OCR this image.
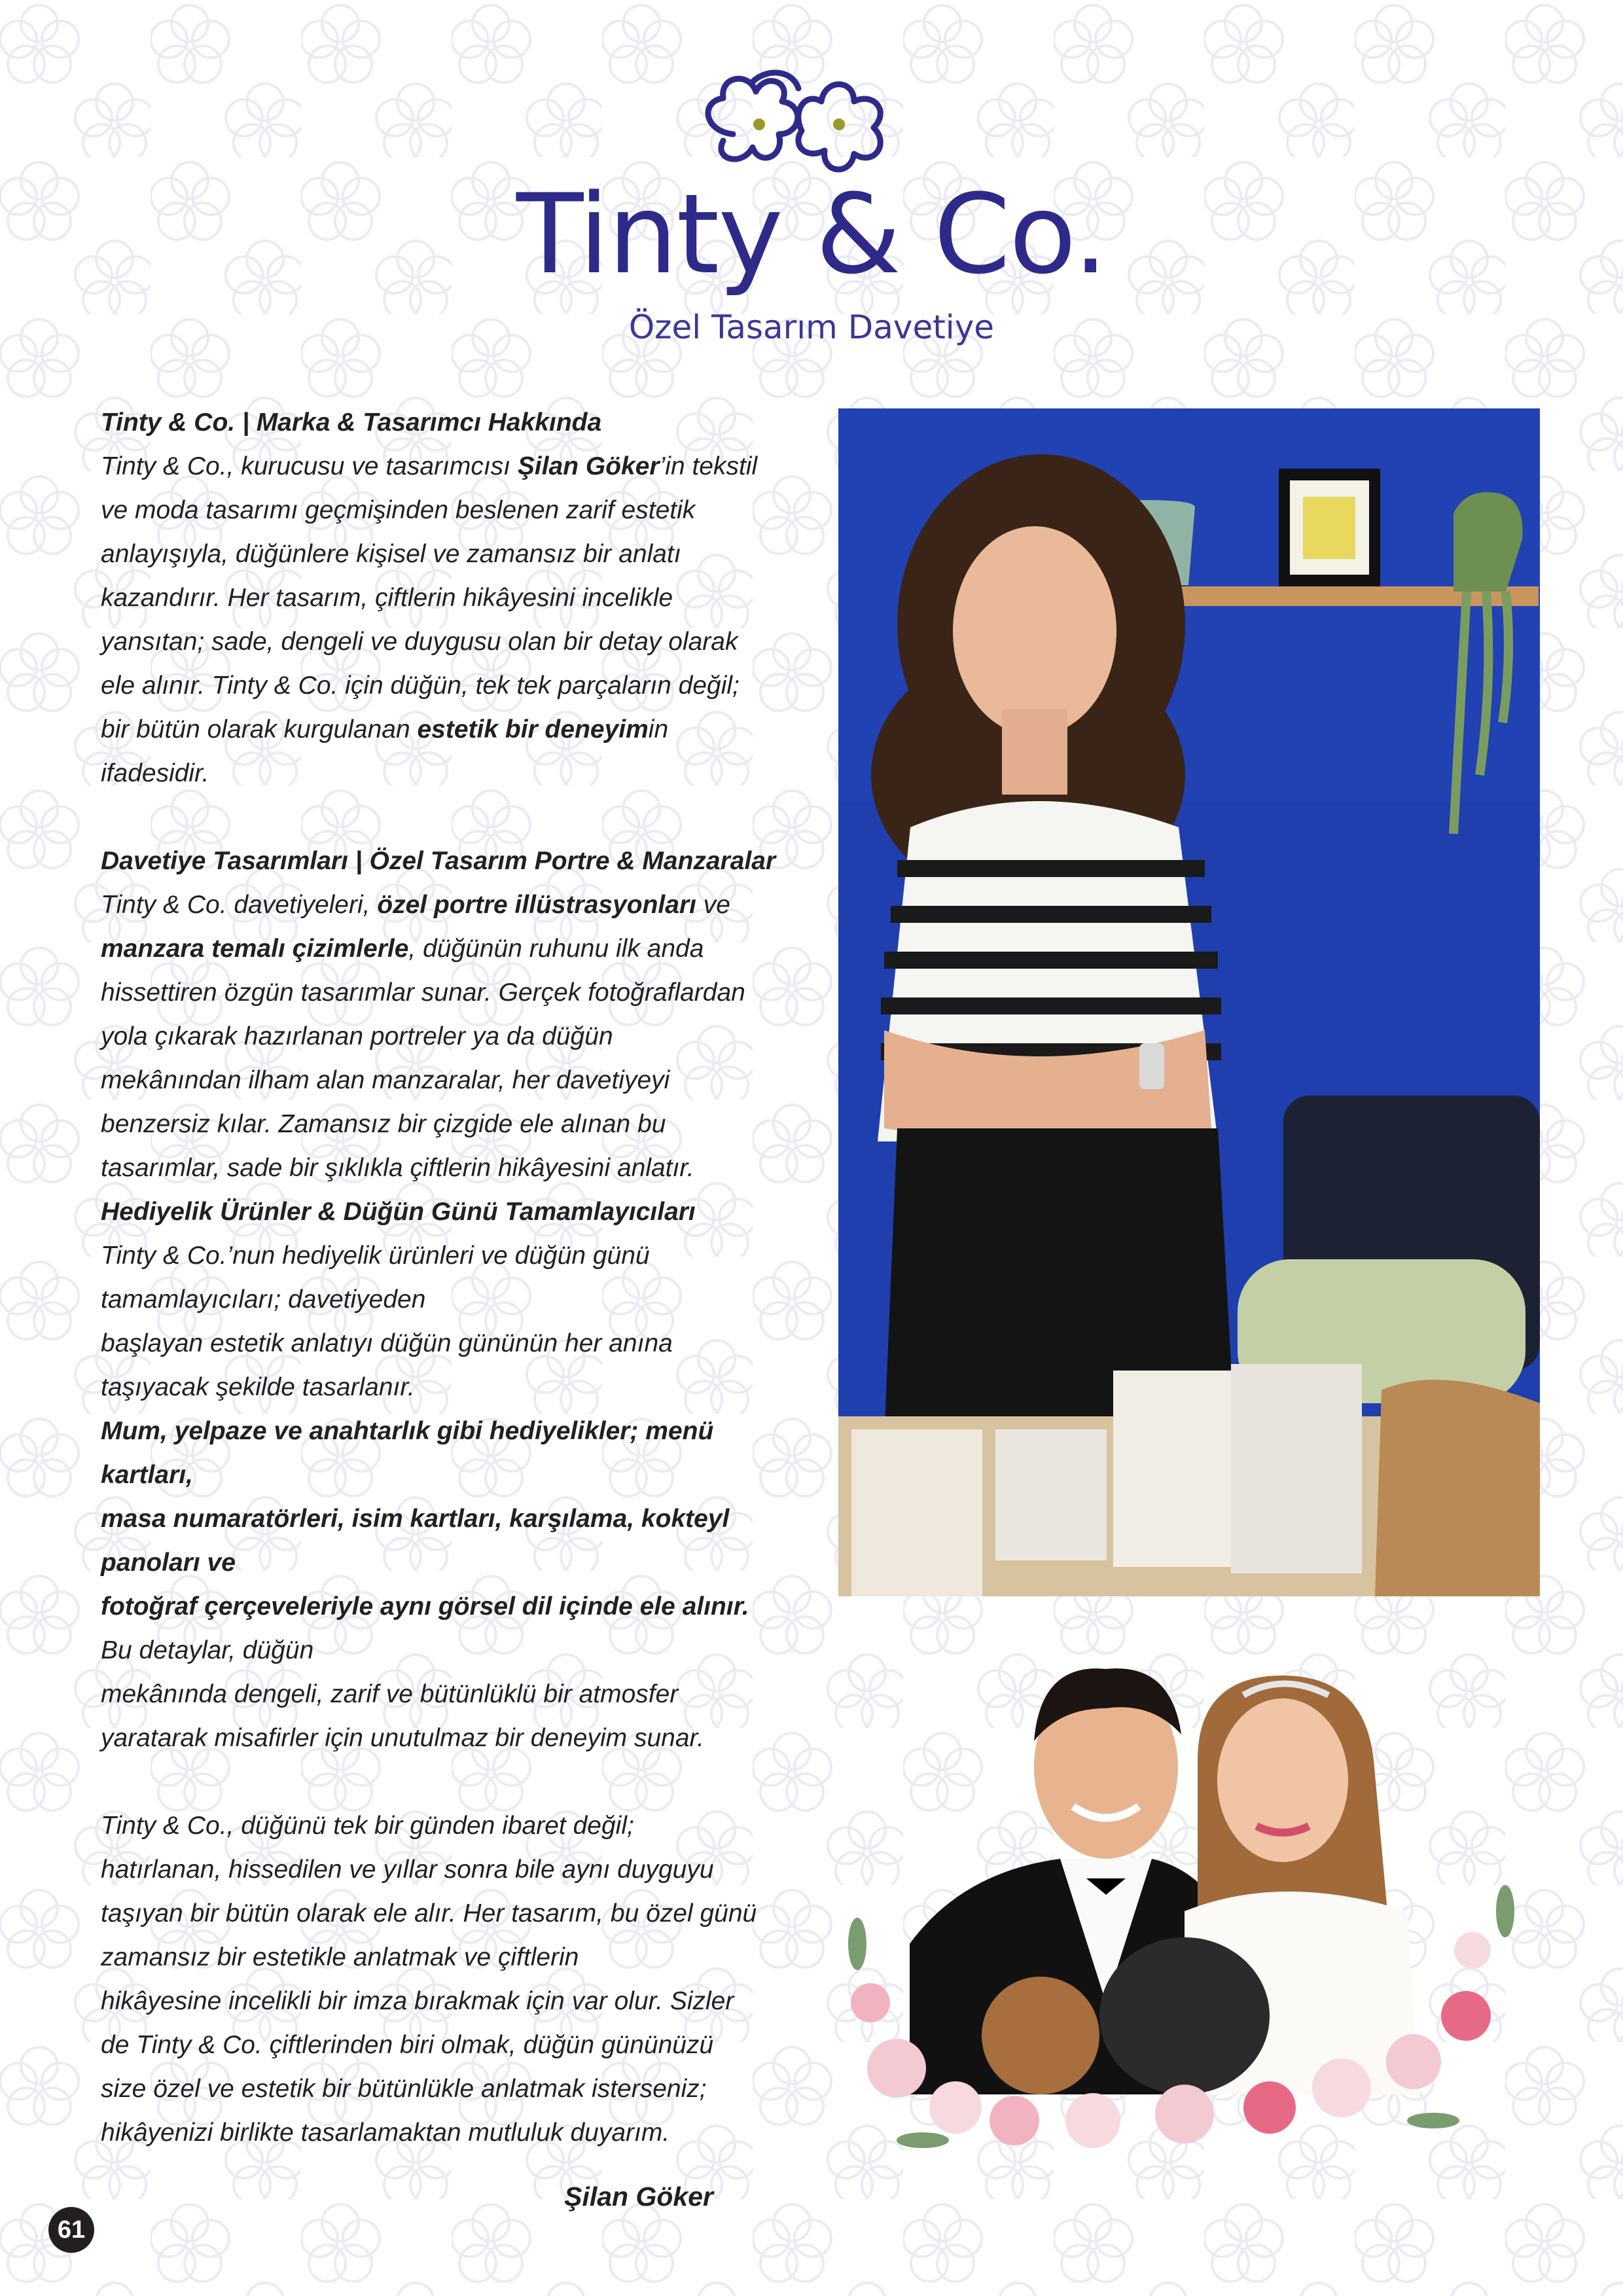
Tinty & Co.
Özel Tasarım Davetiye

Tinty & Co. | Marka & Tasarımcı Hakkında

Tinty & Co., kurucusu ve tasarımcısı Şilan Göker’in tekstil

ve moda tasarımı geçmişinden beslenen zarif estetik

anlayışıyla, düğünlere kişisel ve zamansız bir anlatı

kazandırır. Her tasarım, çiftlerin hikâyesini incelikle

yansıtan; sade, dengeli ve duygusu olan bir detay olarak

ele alınır. Tinty & Co. için düğün, tek tek parçaların değil;

bir bütün olarak kurgulanan estetik bir deneyimin

ifadesidir.

Davetiye Tasarımları | Özel Tasarım Portre & Manzaralar

Tinty & Co. davetiyeleri, özel portre illüstrasyonları ve

manzara temalı çizimlerle, düğünün ruhunu ilk anda

hissettiren özgün tasarımlar sunar. Gerçek fotoğraflardan

yola çıkarak hazırlanan portreler ya da düğün

mekânından ilham alan manzaralar, her davetiyeyi

benzersiz kılar. Zamansız bir çizgide ele alınan bu

tasarımlar, sade bir şıklıkla çiftlerin hikâyesini anlatır.

Hediyelik Ürünler & Düğün Günü Tamamlayıcıları

Tinty & Co.’nun hediyelik ürünleri ve düğün günü

tamamlayıcıları; davetiyeden

başlayan estetik anlatıyı düğün gününün her anına

taşıyacak şekilde tasarlanır.

Mum, yelpaze ve anahtarlık gibi hediyelikler; menü

kartları,

masa numaratörleri, isim kartları, karşılama, kokteyl

panoları ve

fotoğraf çerçeveleriyle aynı görsel dil içinde ele alınır.

Bu detaylar, düğün

mekânında dengeli, zarif ve bütünlüklü bir atmosfer

yaratarak misafirler için unutulmaz bir deneyim sunar.

Tinty & Co., düğünü tek bir günden ibaret değil;

hatırlanan, hissedilen ve yıllar sonra bile aynı duyguyu

taşıyan bir bütün olarak ele alır. Her tasarım, bu özel günü

zamansız bir estetikle anlatmak ve çiftlerin

hikâyesine incelikli bir imza bırakmak için var olur. Sizler

de Tinty & Co. çiftlerinden biri olmak, düğün gününüzü

size özel ve estetik bir bütünlükle anlatmak isterseniz;

hikâyenizi birlikte tasarlamaktan mutluluk duyarım.

Şilan Göker
61
